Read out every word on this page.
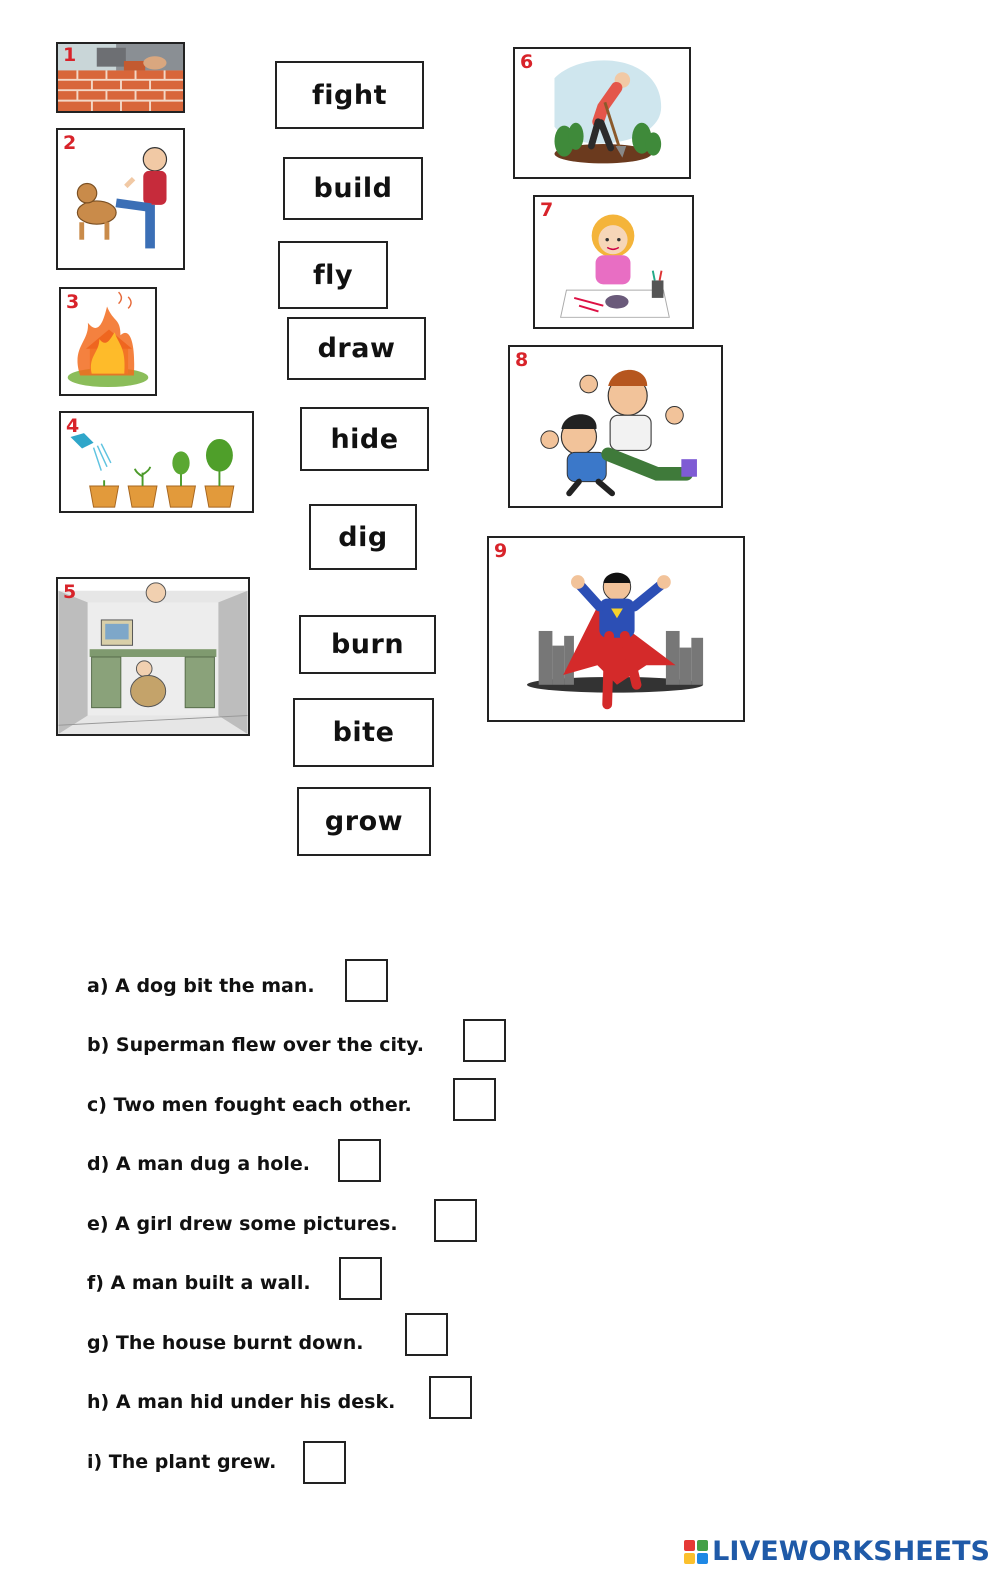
1
2
3
4
5
6
7
8
9
fight
build
fly
draw
hide
dig
burn
bite
grow
a) A dog bit the man.
b) Superman flew over the city.
c) Two men fought each other.
d) A man dug a hole.
e) A girl drew some pictures.
f) A man built a wall.
g) The house burnt down.
h) A man hid under his desk.
i) The plant grew.
LIVEWORKSHEETS
